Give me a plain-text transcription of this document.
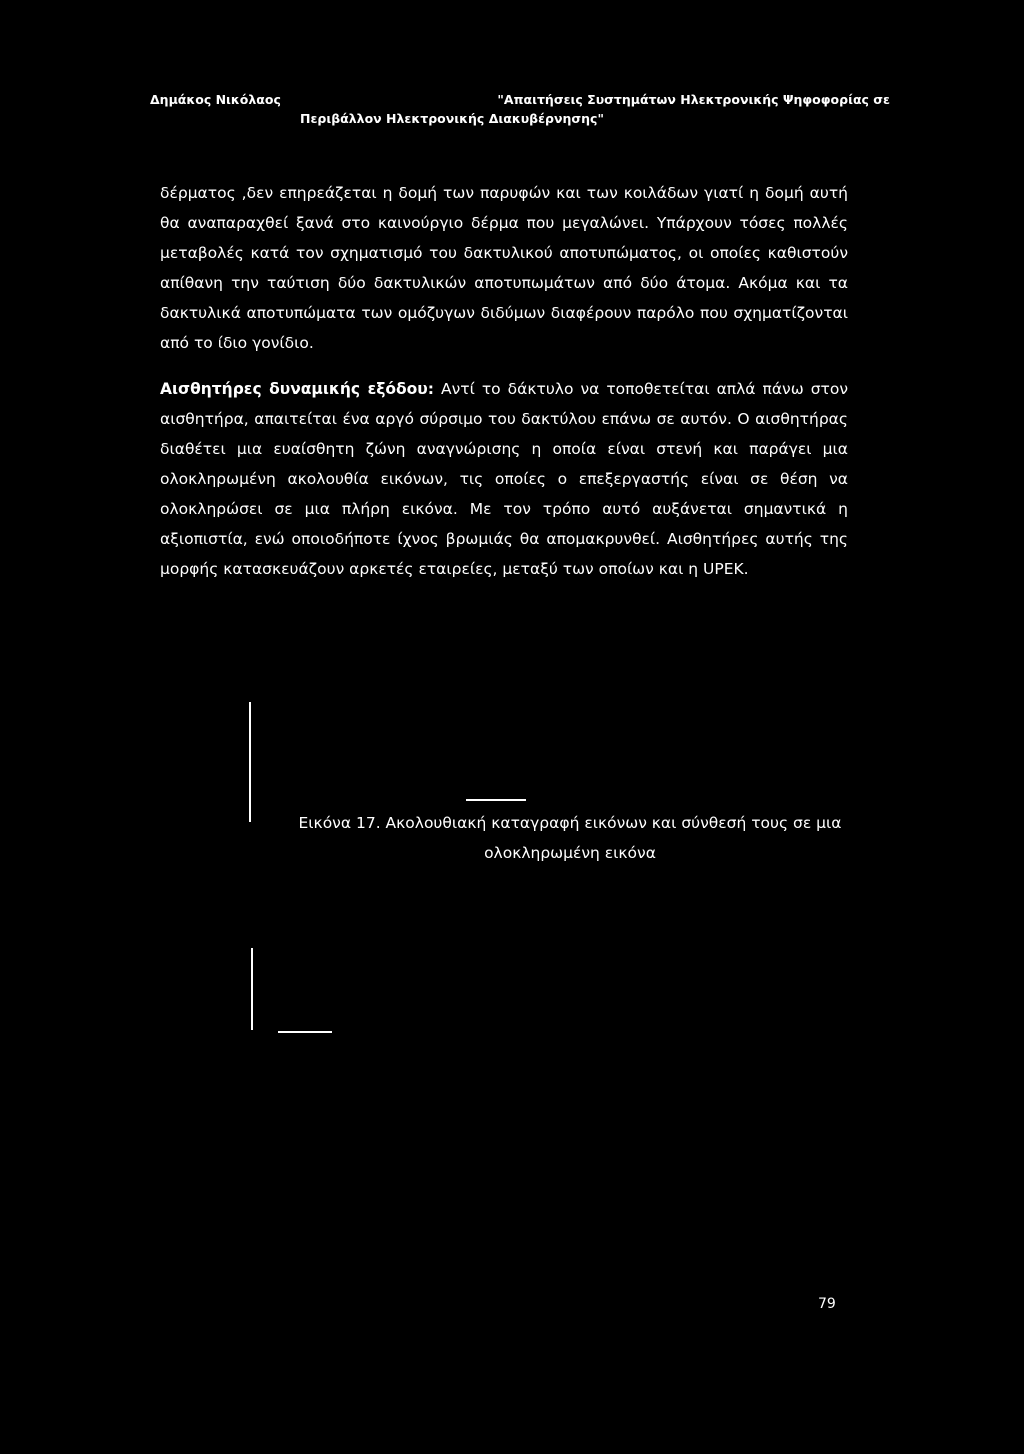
Δημάκος Νικόλαος	"Απαιτήσεις Συστημάτων Ηλεκτρονικής Ψηφοφορίας σε
Περιβάλλον Ηλεκτρονικής Διακυβέρνησης"
δέρματος ,δεν επηρεάζεται η δομή των παρυφών και των κοιλάδων γιατί η δομή αυτή θα αναπαραχθεί ξανά στο καινούργιο δέρμα που μεγαλώνει. Υπάρχουν τόσες πολλές μεταβολές κατά τον σχηματισμό του δακτυλικού αποτυπώματος, οι οποίες καθιστούν απίθανη την ταύτιση δύο δακτυλικών αποτυπωμάτων από δύο άτομα. Ακόμα και τα δακτυλικά αποτυπώματα των ομόζυγων διδύμων διαφέρουν παρόλο που σχηματίζονται από το ίδιο γονίδιο.
Αισθητήρες δυναμικής εξόδου: Αντί το δάκτυλο να τοποθετείται απλά πάνω στον αισθητήρα, απαιτείται ένα αργό σύρσιμο του δακτύλου επάνω σε αυτόν. Ο αισθητήρας διαθέτει μια ευαίσθητη ζώνη αναγνώρισης η οποία είναι στενή και παράγει μια ολοκληρωμένη ακολουθία εικόνων, τις οποίες ο επεξεργαστής είναι σε θέση να ολοκληρώσει σε μια πλήρη εικόνα. Με τον τρόπο αυτό αυξάνεται σημαντικά η αξιοπιστία, ενώ οποιοδήποτε ίχνος βρωμιάς θα απομακρυνθεί. Αισθητήρες αυτής της μορφής κατασκευάζουν αρκετές εταιρείες, μεταξύ των οποίων και η UPEK.
Εικόνα 17. Ακολουθιακή καταγραφή εικόνων και σύνθεσή τους σε μια
ολοκληρωμένη εικόνα
79
